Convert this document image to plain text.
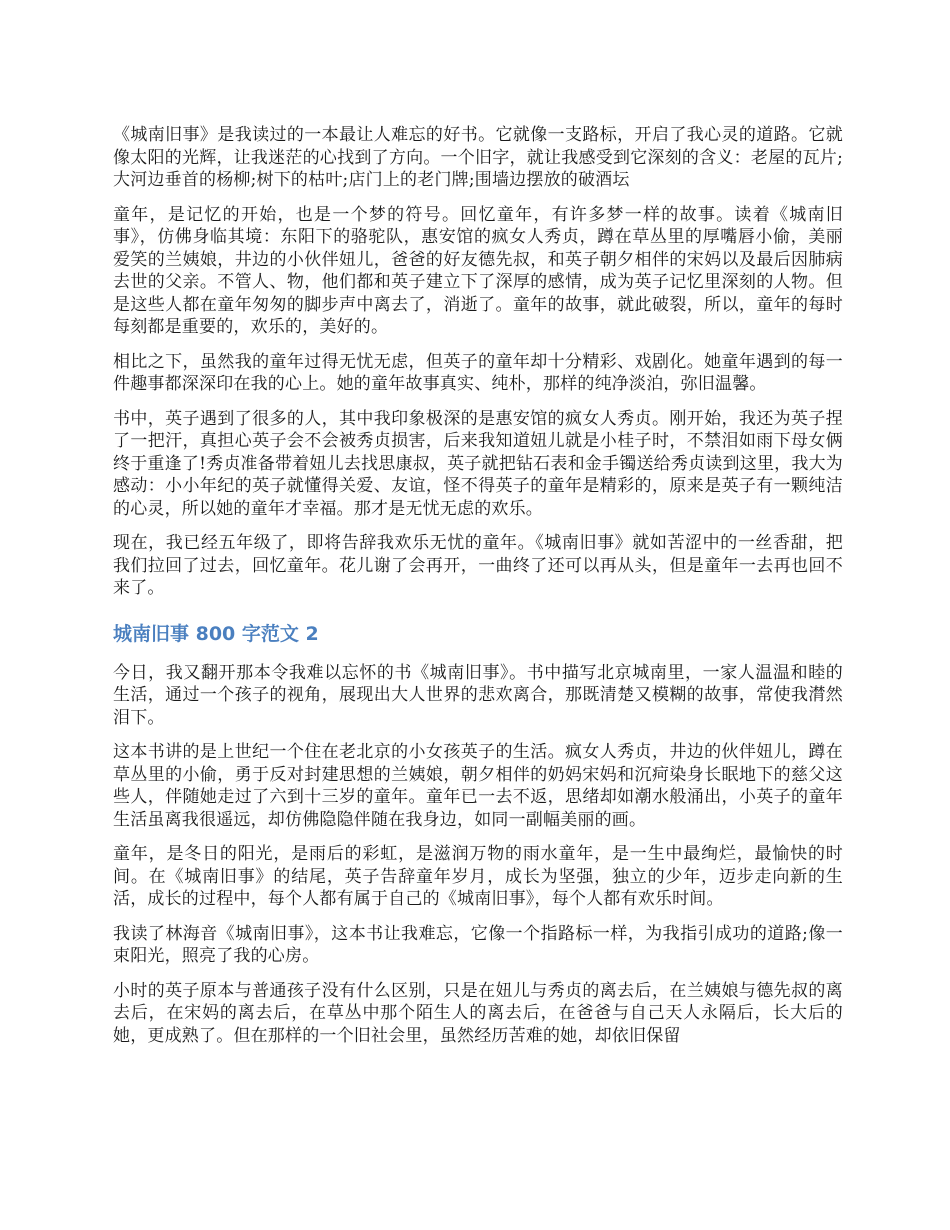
《城南旧事》是我读过的一本最让人难忘的好书。它就像一支路标，开启了我心灵的道路。它就像太阳的光辉，让我迷茫的心找到了方向。一个旧字，就让我感受到它深刻的含义：老屋的瓦片;大河边垂首的杨柳;树下的枯叶;店门上的老门牌;围墙边摆放的破酒坛

童年，是记忆的开始，也是一个梦的符号。回忆童年，有许多梦一样的故事。读着《城南旧事》，仿佛身临其境：东阳下的骆驼队，惠安馆的疯女人秀贞，蹲在草丛里的厚嘴唇小偷，美丽爱笑的兰姨娘，井边的小伙伴妞儿，爸爸的好友德先叔，和英子朝夕相伴的宋妈以及最后因肺病去世的父亲。不管人、物，他们都和英子建立下了深厚的感情，成为英子记忆里深刻的人物。但是这些人都在童年匆匆的脚步声中离去了，消逝了。童年的故事，就此破裂，所以，童年的每时每刻都是重要的，欢乐的，美好的。

相比之下，虽然我的童年过得无忧无虑，但英子的童年却十分精彩、戏剧化。她童年遇到的每一件趣事都深深印在我的心上。她的童年故事真实、纯朴，那样的纯净淡泊，弥旧温馨。

书中，英子遇到了很多的人，其中我印象极深的是惠安馆的疯女人秀贞。刚开始，我还为英子捏了一把汗，真担心英子会不会被秀贞损害，后来我知道妞儿就是小桂子时，不禁泪如雨下母女俩终于重逢了!秀贞准备带着妞儿去找思康叔，英子就把钻石表和金手镯送给秀贞读到这里，我大为感动：小小年纪的英子就懂得关爱、友谊，怪不得英子的童年是精彩的，原来是英子有一颗纯洁的心灵，所以她的童年才幸福。那才是无忧无虑的欢乐。

现在，我已经五年级了，即将告辞我欢乐无忧的童年。《城南旧事》就如苦涩中的一丝香甜，把我们拉回了过去，回忆童年。花儿谢了会再开，一曲终了还可以再从头，但是童年一去再也回不来了。

城南旧事 800 字范文 2

今日，我又翻开那本令我难以忘怀的书《城南旧事》。书中描写北京城南里，一家人温温和睦的生活，通过一个孩子的视角，展现出大人世界的悲欢离合，那既清楚又模糊的故事，常使我潸然泪下。

这本书讲的是上世纪一个住在老北京的小女孩英子的生活。疯女人秀贞，井边的伙伴妞儿，蹲在草丛里的小偷，勇于反对封建思想的兰姨娘，朝夕相伴的奶妈宋妈和沉疴染身长眠地下的慈父这些人，伴随她走过了六到十三岁的童年。童年已一去不返，思绪却如潮水般涌出，小英子的童年生活虽离我很遥远，却仿佛隐隐伴随在我身边，如同一副幅美丽的画。

童年，是冬日的阳光，是雨后的彩虹，是滋润万物的雨水童年，是一生中最绚烂，最愉快的时间。在《城南旧事》的结尾，英子告辞童年岁月，成长为坚强，独立的少年，迈步走向新的生活，成长的过程中，每个人都有属于自己的《城南旧事》，每个人都有欢乐时间。

我读了林海音《城南旧事》，这本书让我难忘，它像一个指路标一样，为我指引成功的道路;像一束阳光，照亮了我的心房。

小时的英子原本与普通孩子没有什么区别，只是在妞儿与秀贞的离去后，在兰姨娘与德先叔的离去后，在宋妈的离去后，在草丛中那个陌生人的离去后，在爸爸与自己天人永隔后，长大后的她，更成熟了。但在那样的一个旧社会里，虽然经历苦难的她，却依旧保留
